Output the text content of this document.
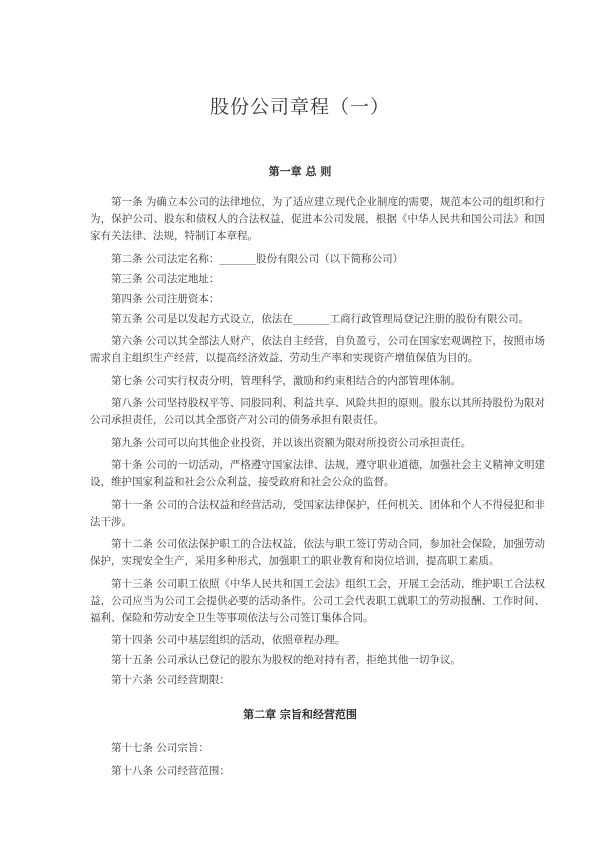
股份公司章程（一）
第一章 总 则

第一条 为确立本公司的法律地位，为了适应建立现代企业制度的需要，规范本公司的组织和行为，保护公司、股东和债权人的合法权益，促进本公司发展，根据《中华人民共和国公司法》和国家有关法律、法规，特制订本章程。

第二条 公司法定名称：_______股份有限公司（以下简称公司）

第三条 公司法定地址：

第四条 公司注册资本：

第五条 公司是以发起方式设立，依法在_______工商行政管理局登记注册的股份有限公司。

第六条 公司以其全部法人财产，依法自主经营，自负盈亏，公司在国家宏观调控下，按照市场需求自主组织生产经营，以提高经济效益、劳动生产率和实现资产增值保值为目的。

第七条 公司实行权责分明，管理科学，激励和约束相结合的内部管理体制。

第八条 公司坚持股权平等、同股同利、利益共享、风险共担的原则。股东以其所持股份为限对公司承担责任，公司以其全部资产对公司的债务承担有限责任。

第九条 公司可以向其他企业投资，并以该出资额为限对所投资公司承担责任。

第十条 公司的一切活动，严格遵守国家法律、法规，遵守职业道德，加强社会主义精神文明建设，维护国家利益和社会公众利益，接受政府和社会公众的监督。

第十一条 公司的合法权益和经营活动，受国家法律保护，任何机关、团体和个人不得侵犯和非法干涉。

第十二条 公司依法保护职工的合法权益，依法与职工签订劳动合同，参加社会保险，加强劳动保护，实现安全生产，采用多种形式，加强职工的职业教育和岗位培训，提高职工素质。

第十三条 公司职工依照《中华人民共和国工会法》组织工会，开展工会活动，维护职工合法权益，公司应当为公司工会提供必要的活动条件。公司工会代表职工就职工的劳动报酬、工作时间、福利、保险和劳动安全卫生等事项依法与公司签订集体合同。

第十四条 公司中基层组织的活动，依照章程办理。

第十五条 公司承认已登记的股东为股权的绝对持有者，拒绝其他一切争议。

第十六条 公司经营期限：

第二章 宗旨和经营范围

第十七条 公司宗旨：

第十八条 公司经营范围：
